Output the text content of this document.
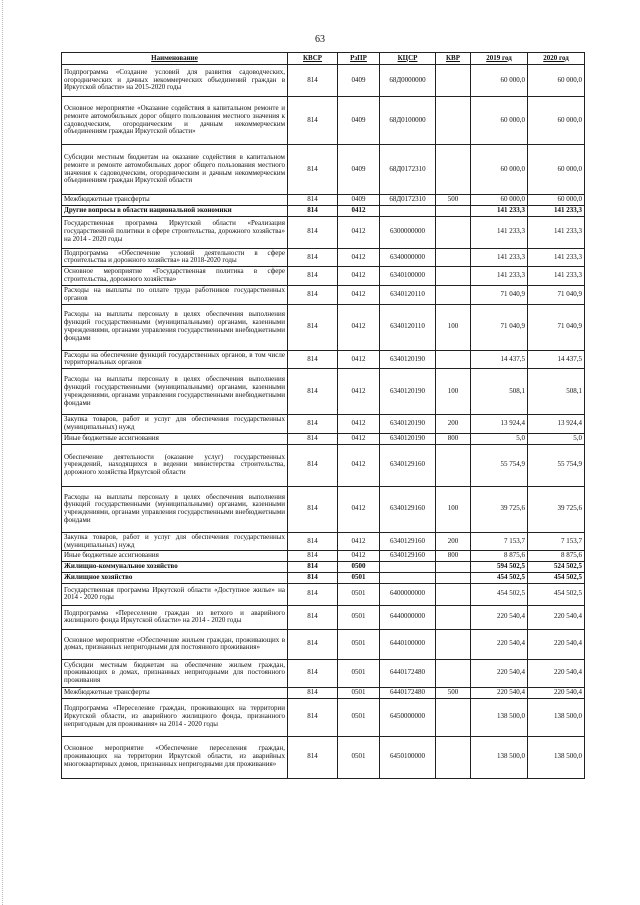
63
Наименование	КВСР	РзПР	КЦСР	КВР	2019 год	2020 год
Подпрограмма «Создание условий для развития садоводческих, огороднических и дачных некоммерческих объединений граждан в Иркутской области» на 2015-2020 годы	814	0409	68Д0000000		60 000,0	60 000,0
Основное мероприятие «Оказание содействия в капитальном ремонте и ремонте автомобильных дорог общего пользования местного значения к садоводческим, огородническим и дачным некоммерческим объединениям граждан Иркутской области»	814	0409	68Д0100000		60 000,0	60 000,0
Субсидии местным бюджетам на оказание содействия в капитальном ремонте и ремонте автомобильных дорог общего пользования местного значения к садоводческим, огородническим и дачным некоммерческим объединениям граждан Иркутской области	814	0409	68Д0172310		60 000,0	60 000,0
Межбюджетные трансферты	814	0409	68Д0172310	500	60 000,0	60 000,0
Другие вопросы в области национальной экономики	814	0412			141 233,3	141 233,3
Государственная программа Иркутской области «Реализация государственной политики в сфере строительства, дорожного хозяйства» на 2014 - 2020 годы	814	0412	6300000000		141 233,3	141 233,3
Подпрограмма «Обеспечение условий деятельности в сфере строительства и дорожного хозяйства» на 2018-2020 годы	814	0412	6340000000		141 233,3	141 233,3
Основное мероприятие «Государственная политика в сфере строительства, дорожного хозяйства»	814	0412	6340100000		141 233,3	141 233,3
Расходы на выплаты по оплате труда работников государственных органов	814	0412	6340120110		71 040,9	71 040,9
Расходы на выплаты персоналу в целях обеспечения выполнения функций государственными (муниципальными) органами, казенными учреждениями, органами управления государственными внебюджетными фондами	814	0412	6340120110	100	71 040,9	71 040,9
Расходы на обеспечение функций государственных органов, в том числе территориальных органов	814	0412	6340120190		14 437,5	14 437,5
Расходы на выплаты персоналу в целях обеспечения выполнения функций государственными (муниципальными) органами, казенными учреждениями, органами управления государственными внебюджетными фондами	814	0412	6340120190	100	508,1	508,1
Закупка товаров, работ и услуг для обеспечения государственных (муниципальных) нужд	814	0412	6340120190	200	13 924,4	13 924,4
Иные бюджетные ассигнования	814	0412	6340120190	800	5,0	5,0
Обеспечение деятельности (оказание услуг) государственных учреждений, находящихся в ведении министерства строительства, дорожного хозяйства Иркутской области	814	0412	6340129160		55 754,9	55 754,9
Расходы на выплаты персоналу в целях обеспечения выполнения функций государственными (муниципальными) органами, казенными учреждениями, органами управления государственными внебюджетными фондами	814	0412	6340129160	100	39 725,6	39 725,6
Закупка товаров, работ и услуг для обеспечения государственных (муниципальных) нужд	814	0412	6340129160	200	7 153,7	7 153,7
Иные бюджетные ассигнования	814	0412	6340129160	800	8 875,6	8 875,6
Жилищно-коммунальное хозяйство	814	0500			594 502,5	524 502,5
Жилищное хозяйство	814	0501			454 502,5	454 502,5
Государственная программа Иркутской области «Доступное жилье» на 2014 - 2020 годы	814	0501	6400000000		454 502,5	454 502,5
Подпрограмма «Переселение граждан из ветхого и аварийного жилищного фонда Иркутской области» на 2014 - 2020 годы	814	0501	6440000000		220 540,4	220 540,4
Основное мероприятие «Обеспечение жильем граждан, проживающих в домах, признанных непригодными для постоянного проживания»	814	0501	6440100000		220 540,4	220 540,4
Субсидии местным бюджетам на обеспечение жильем граждан, проживающих в домах, признанных непригодными для постоянного проживания	814	0501	6440172480		220 540,4	220 540,4
Межбюджетные трансферты	814	0501	6440172480	500	220 540,4	220 540,4
Подпрограмма «Переселение граждан, проживающих на территории Иркутской области, из аварийного жилищного фонда, признанного непригодным для проживания» на 2014 - 2020 годы	814	0501	6450000000		138 500,0	138 500,0
Основное мероприятие «Обеспечение переселения граждан, проживающих на территории Иркутской области, из аварийных многоквартирных домов, признанных непригодными для проживания»	814	0501	6450100000		138 500,0	138 500,0
